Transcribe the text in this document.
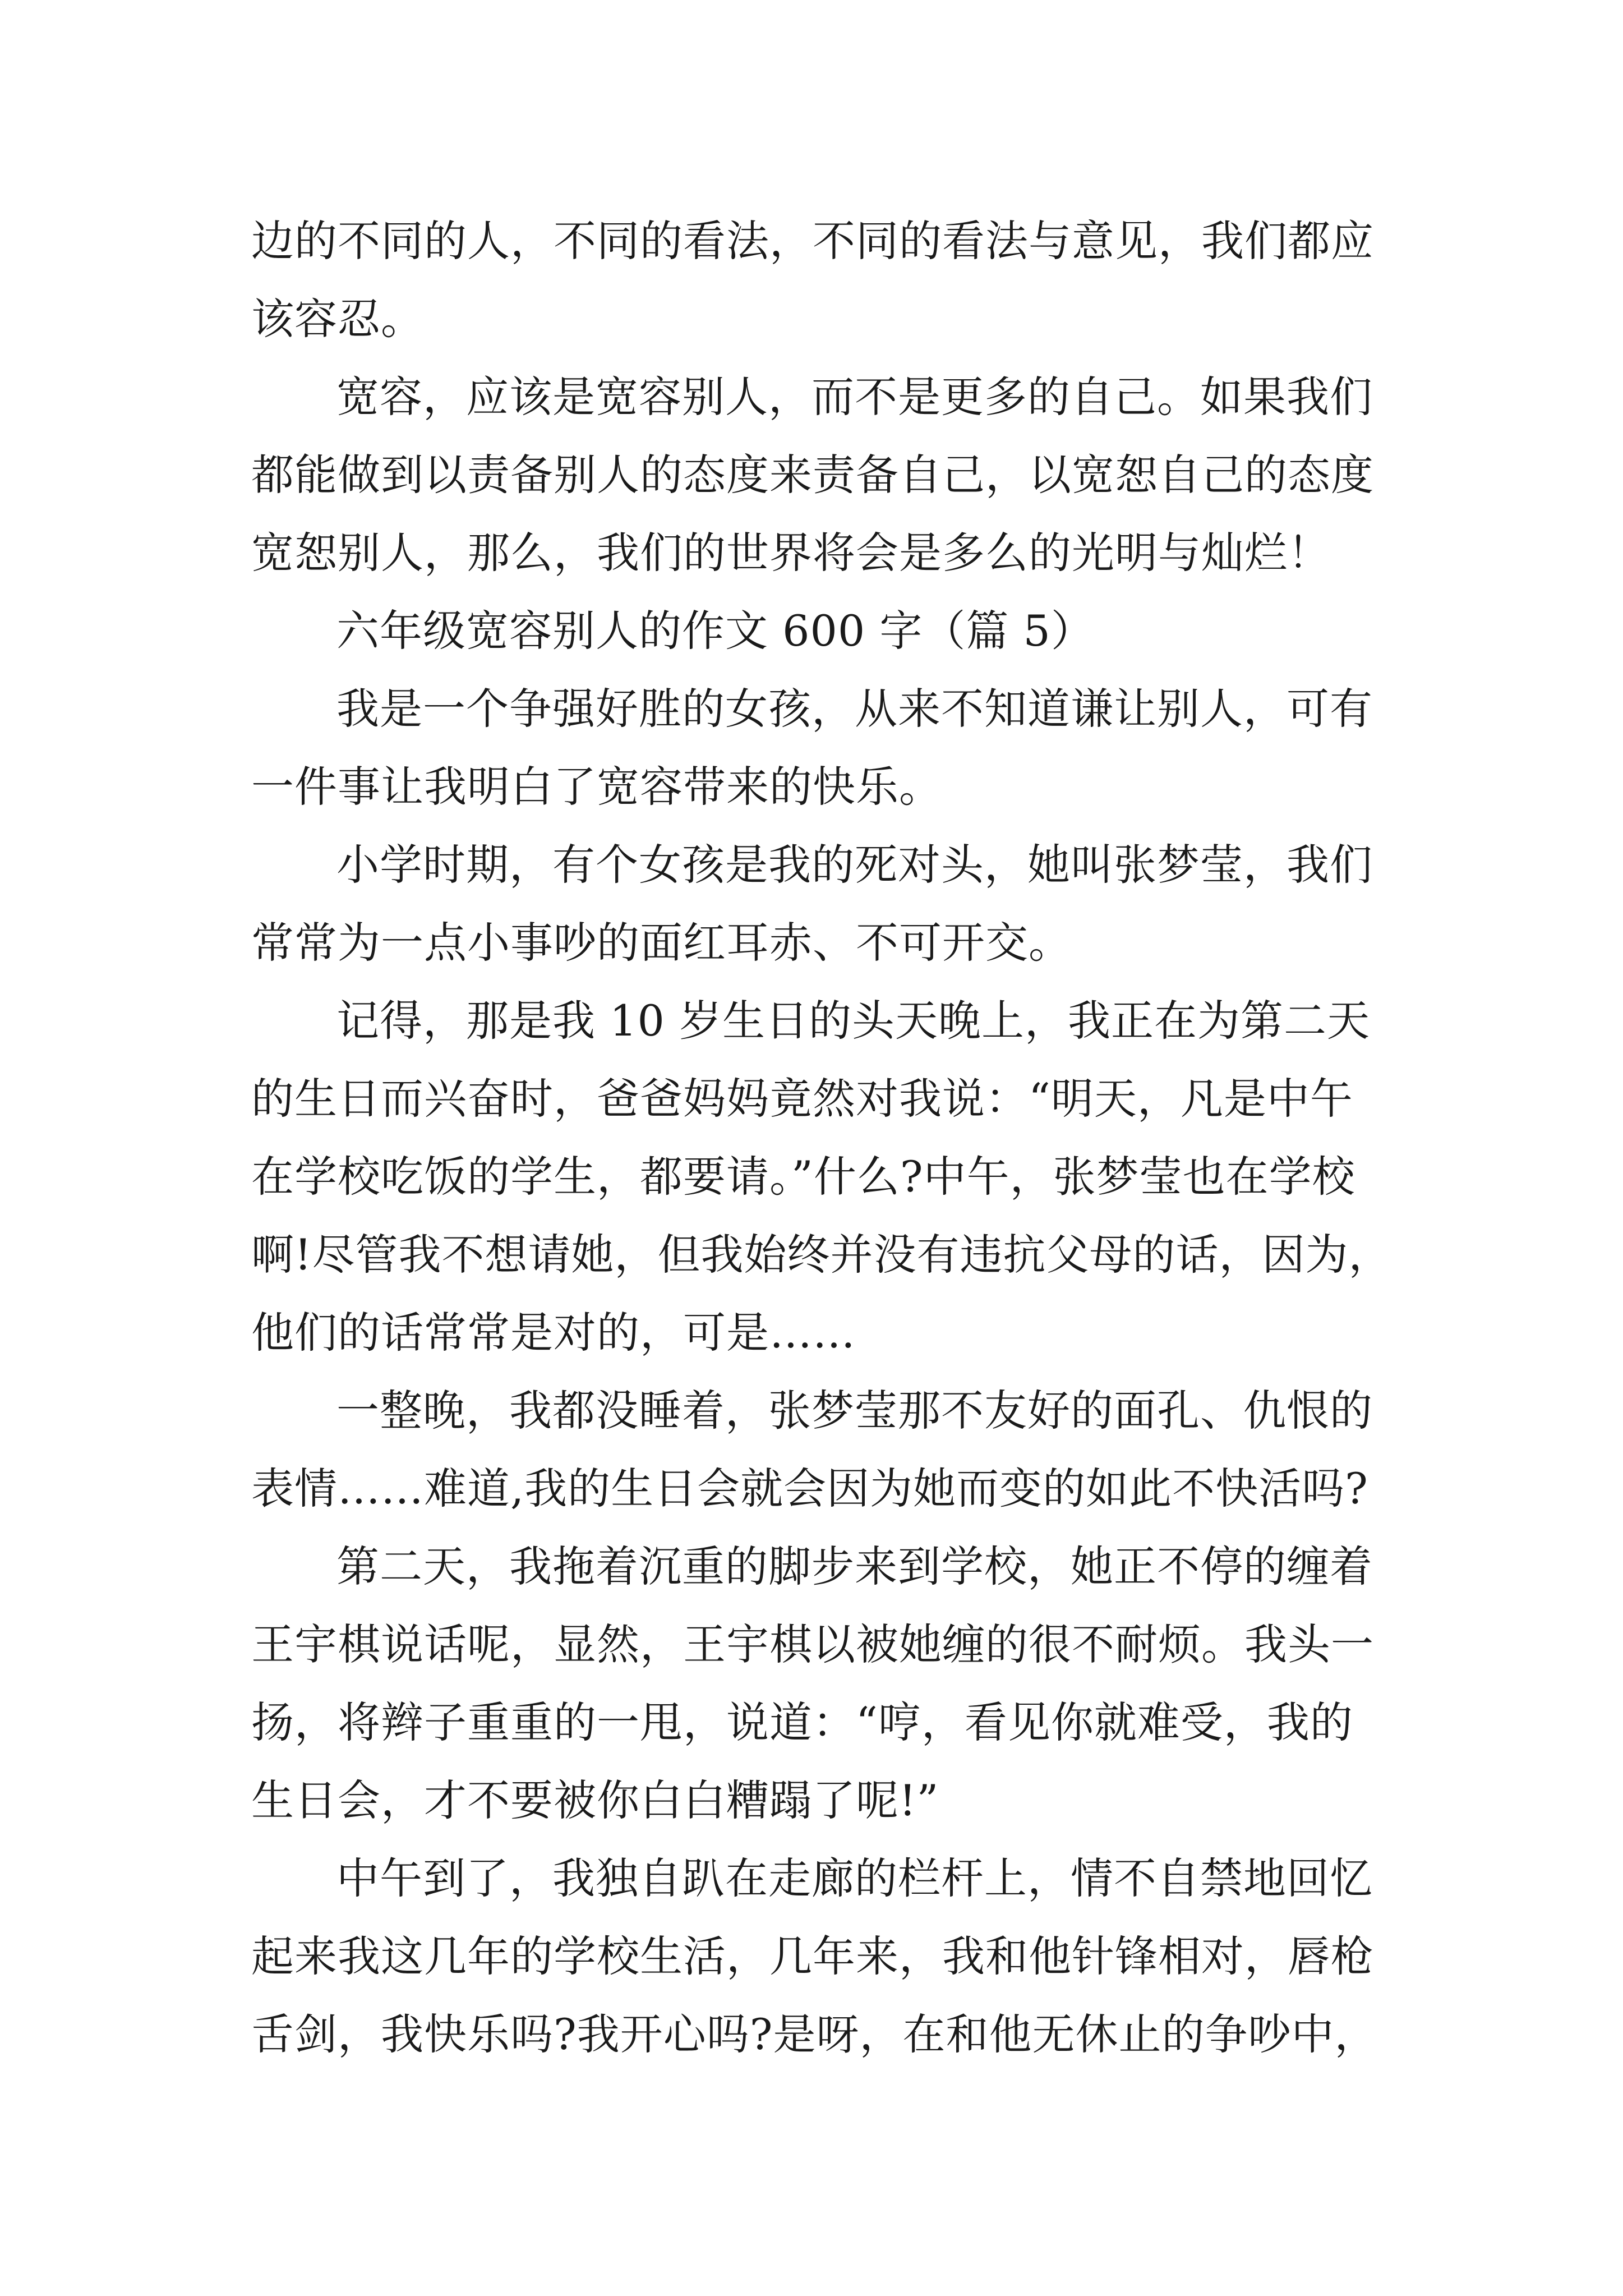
边的不同的人，不同的看法，不同的看法与意见，我们都应
该容忍。
宽容，应该是宽容别人，而不是更多的自己。如果我们
都能做到以责备别人的态度来责备自己，以宽恕自己的态度
宽恕别人，那么，我们的世界将会是多么的光明与灿烂！
六年级宽容别人的作文 600 字（篇 5）
我是一个争强好胜的女孩，从来不知道谦让别人，可有
一件事让我明白了宽容带来的快乐。
小学时期，有个女孩是我的死对头，她叫张梦莹，我们
常常为一点小事吵的面红耳赤、不可开交。
记得，那是我 10 岁生日的头天晚上，我正在为第二天
的生日而兴奋时，爸爸妈妈竟然对我说：“明天，凡是中午
在学校吃饭的学生，都要请。”什么?中午，张梦莹也在学校
啊!尽管我不想请她，但我始终并没有违抗父母的话，因为，
他们的话常常是对的，可是……
一整晚，我都没睡着，张梦莹那不友好的面孔、仇恨的
表情……难道,我的生日会就会因为她而变的如此不快活吗?
第二天，我拖着沉重的脚步来到学校，她正不停的缠着
王宇棋说话呢，显然，王宇棋以被她缠的很不耐烦。我头一
扬，将辫子重重的一甩，说道：“哼，看见你就难受，我的
生日会，才不要被你白白糟蹋了呢!”
中午到了，我独自趴在走廊的栏杆上，情不自禁地回忆
起来我这几年的学校生活，几年来，我和他针锋相对，唇枪
舌剑，我快乐吗?我开心吗?是呀，在和他无休止的争吵中，
